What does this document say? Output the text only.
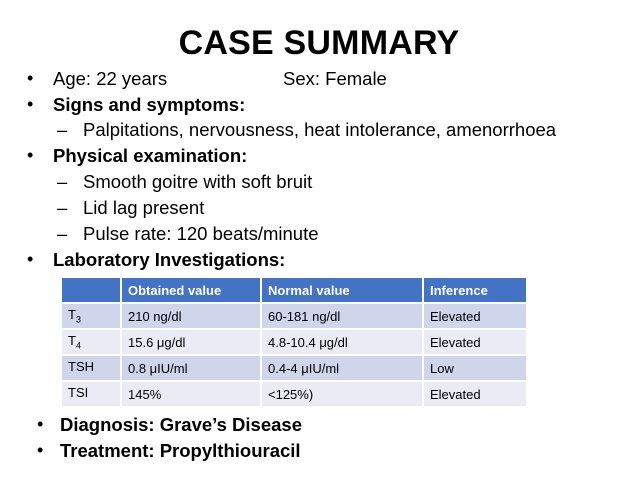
CASE SUMMARY
• Age: 22 years	Sex: Female
• Signs and symptoms:
– Palpitations, nervousness, heat intolerance, amenorrhoea
• Physical examination:
– Smooth goitre with soft bruit
– Lid lag present
– Pulse rate: 120 beats/minute
• Laboratory Investigations:
	Obtained value	Normal value	Inference
$T_3$	210 ng/dl	60-181 ng/dl	Elevated
$T_4$	15.6 μg/dl	4.8-10.4 μg/dl	Elevated
TSH	0.8 μIU/ml	0.4-4 μIU/ml	Low
TSI	145%	<125%)	Elevated
• Diagnosis: Grave’s Disease
• Treatment: Propylthiouracil
